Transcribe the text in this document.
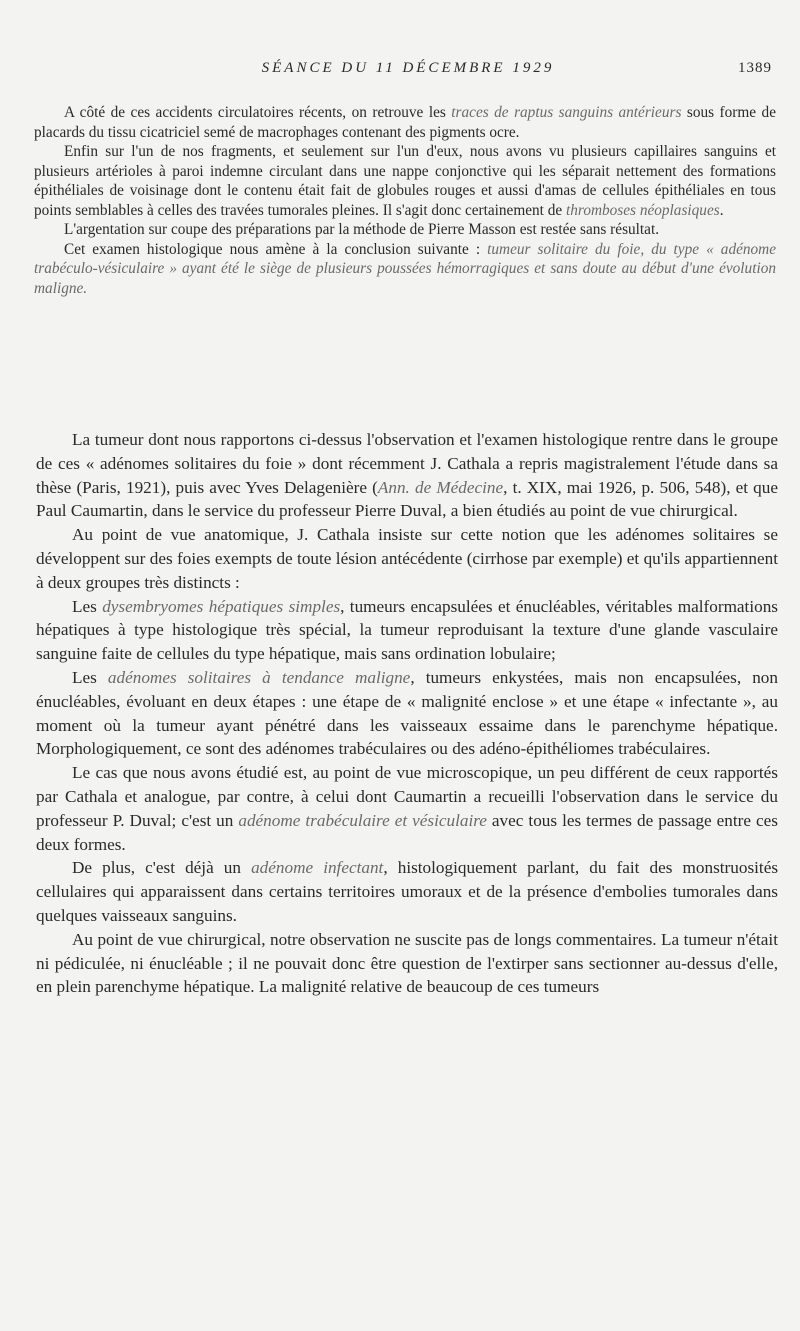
SÉANCE DU 11 DÉCEMBRE 1929	1389

A côté de ces accidents circulatoires récents, on retrouve les traces de raptus sanguins antérieurs sous forme de placards du tissu cicatriciel semé de macrophages contenant des pigments ocre.

Enfin sur l'un de nos fragments, et seulement sur l'un d'eux, nous avons vu plusieurs capillaires sanguins et plusieurs artérioles à paroi indemne circulant dans une nappe conjonctive qui les séparait nettement des formations épithéliales de voisinage dont le contenu était fait de globules rouges et aussi d'amas de cellules épithéliales en tous points semblables à celles des travées tumorales pleines. Il s'agit donc certainement de thromboses néoplasiques.

L'argentation sur coupe des préparations par la méthode de Pierre Masson est restée sans résultat.

Cet examen histologique nous amène à la conclusion suivante : tumeur solitaire du foie, du type « adénome trabéculo-vésiculaire » ayant été le siège de plusieurs poussées hémorragiques et sans doute au début d'une évolution maligne.

La tumeur dont nous rapportons ci-dessus l'observation et l'examen histologique rentre dans le groupe de ces « adénomes solitaires du foie » dont récemment J. Cathala a repris magistralement l'étude dans sa thèse (Paris, 1921), puis avec Yves Delagenière (Ann. de Médecine, t. XIX, mai 1926, p. 506, 548), et que Paul Caumartin, dans le service du professeur Pierre Duval, a bien étudiés au point de vue chirurgical.

Au point de vue anatomique, J. Cathala insiste sur cette notion que les adénomes solitaires se développent sur des foies exempts de toute lésion antécédente (cirrhose par exemple) et qu'ils appartiennent à deux groupes très distincts :

Les dysembryomes hépatiques simples, tumeurs encapsulées et énucléables, véritables malformations hépatiques à type histologique très spécial, la tumeur reproduisant la texture d'une glande vasculaire sanguine faite de cellules du type hépatique, mais sans ordination lobulaire;

Les adénomes solitaires à tendance maligne, tumeurs enkystées, mais non encapsulées, non énucléables, évoluant en deux étapes : une étape de « malignité enclose » et une étape « infectante », au moment où la tumeur ayant pénétré dans les vaisseaux essaime dans le parenchyme hépatique. Morphologiquement, ce sont des adénomes trabéculaires ou des adéno-épithéliomes trabéculaires.

Le cas que nous avons étudié est, au point de vue microscopique, un peu différent de ceux rapportés par Cathala et analogue, par contre, à celui dont Caumartin a recueilli l'observation dans le service du professeur P. Duval; c'est un adénome trabéculaire et vésiculaire avec tous les termes de passage entre ces deux formes.

De plus, c'est déjà un adénome infectant, histologiquement parlant, du fait des monstruosités cellulaires qui apparaissent dans certains territoires umoraux et de la présence d'embolies tumorales dans quelques vaisseaux sanguins.

Au point de vue chirurgical, notre observation ne suscite pas de longs commentaires. La tumeur n'était ni pédiculée, ni énucléable ; il ne pouvait donc être question de l'extirper sans sectionner au-dessus d'elle, en plein parenchyme hépatique. La malignité relative de beaucoup de ces tumeurs
